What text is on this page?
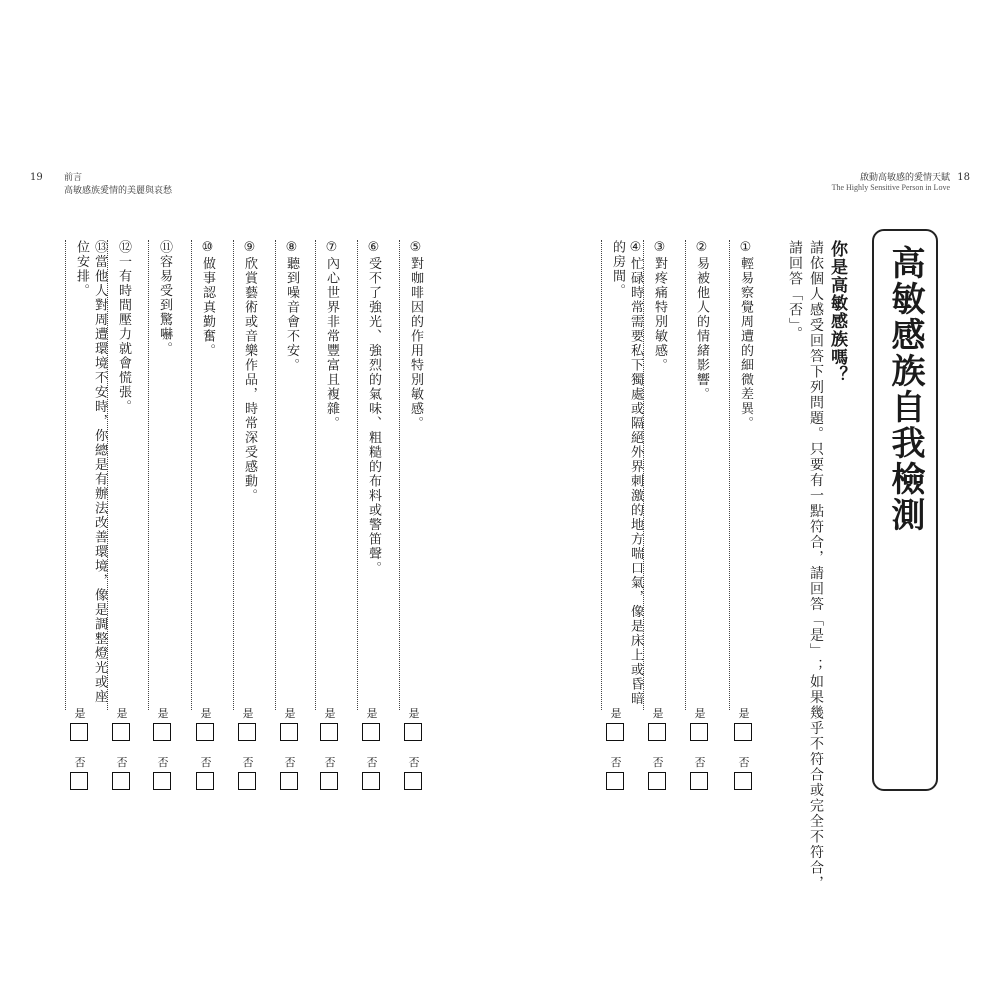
19 前言
高敏感族愛情的美麗與哀愁
啟動高敏感的愛情天賦
The Highly Sensitive Person in Love
18
高敏感族自我檢測
你是高敏感族嗎？
請依個人感受回答下列問題。只要有一點符合，請回答「是」；如果幾乎不符合或完全不符合，
請回答「否」。
①輕易察覺周遭的細微差異。
是
否
②易被他人的情緒影響。
是
否
③對疼痛特別敏感。
是
否
④忙碌時常需要私下獨處或隔絕外界刺激的地方喘口氣，像是床上或昏暗的房間。
是
否
⑤對咖啡因的作用特別敏感。
是
否
⑥受不了強光、強烈的氣味、粗糙的布料或警笛聲。
是
否
⑦內心世界非常豐富且複雜。
是
否
⑧聽到噪音會不安。
是
否
⑨欣賞藝術或音樂作品，時常深受感動。
是
否
⑩做事認真勤奮。
是
否
⑪容易受到驚嚇。
是
否
⑫一有時間壓力就會慌張。
是
否
⑬當他人對周遭環境不安時，你總是有辦法改善環境，像是調整燈光或座位安排。
是
否
